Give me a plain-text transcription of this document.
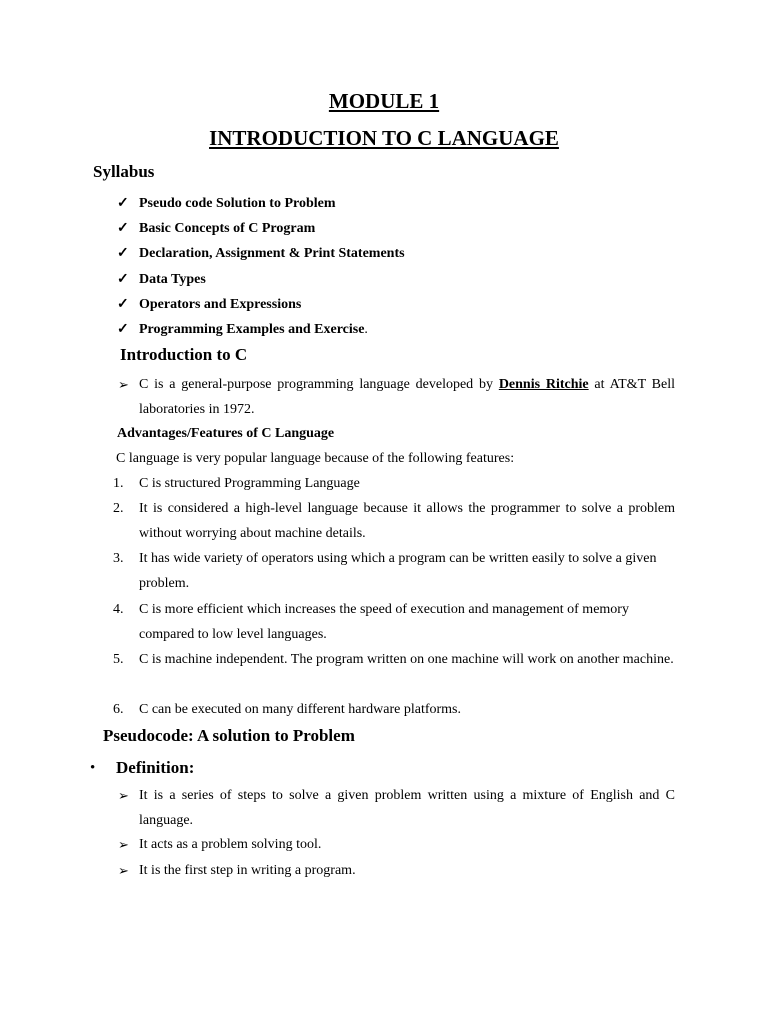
MODULE 1
INTRODUCTION TO C LANGUAGE
Syllabus
✓ Pseudo code Solution to Problem
✓ Basic Concepts of C Program
✓ Declaration, Assignment & Print Statements
✓ Data Types
✓ Operators and Expressions
✓ Programming Examples and Exercise.
Introduction to C
➢ C is a general-purpose programming language developed by Dennis Ritchie at AT&T Bell laboratories in 1972.
Advantages/Features of C Language
C language is very popular language because of the following features:
1. C is structured Programming Language
2. It is considered a high-level language because it allows the programmer to solve a problem without worrying about machine details.
3. It has wide variety of operators using which a program can be written easily to solve a given problem.
4. C is more efficient which increases the speed of execution and management of memory compared to low level languages.
5. C is machine independent. The program written on one machine will work on another machine.
6. C can be executed on many different hardware platforms.
Pseudocode: A solution to Problem
• Definition:
➢ It is a series of steps to solve a given problem written using a mixture of English and C language.
➢ It acts as a problem solving tool.
➢ It is the first step in writing a program.
